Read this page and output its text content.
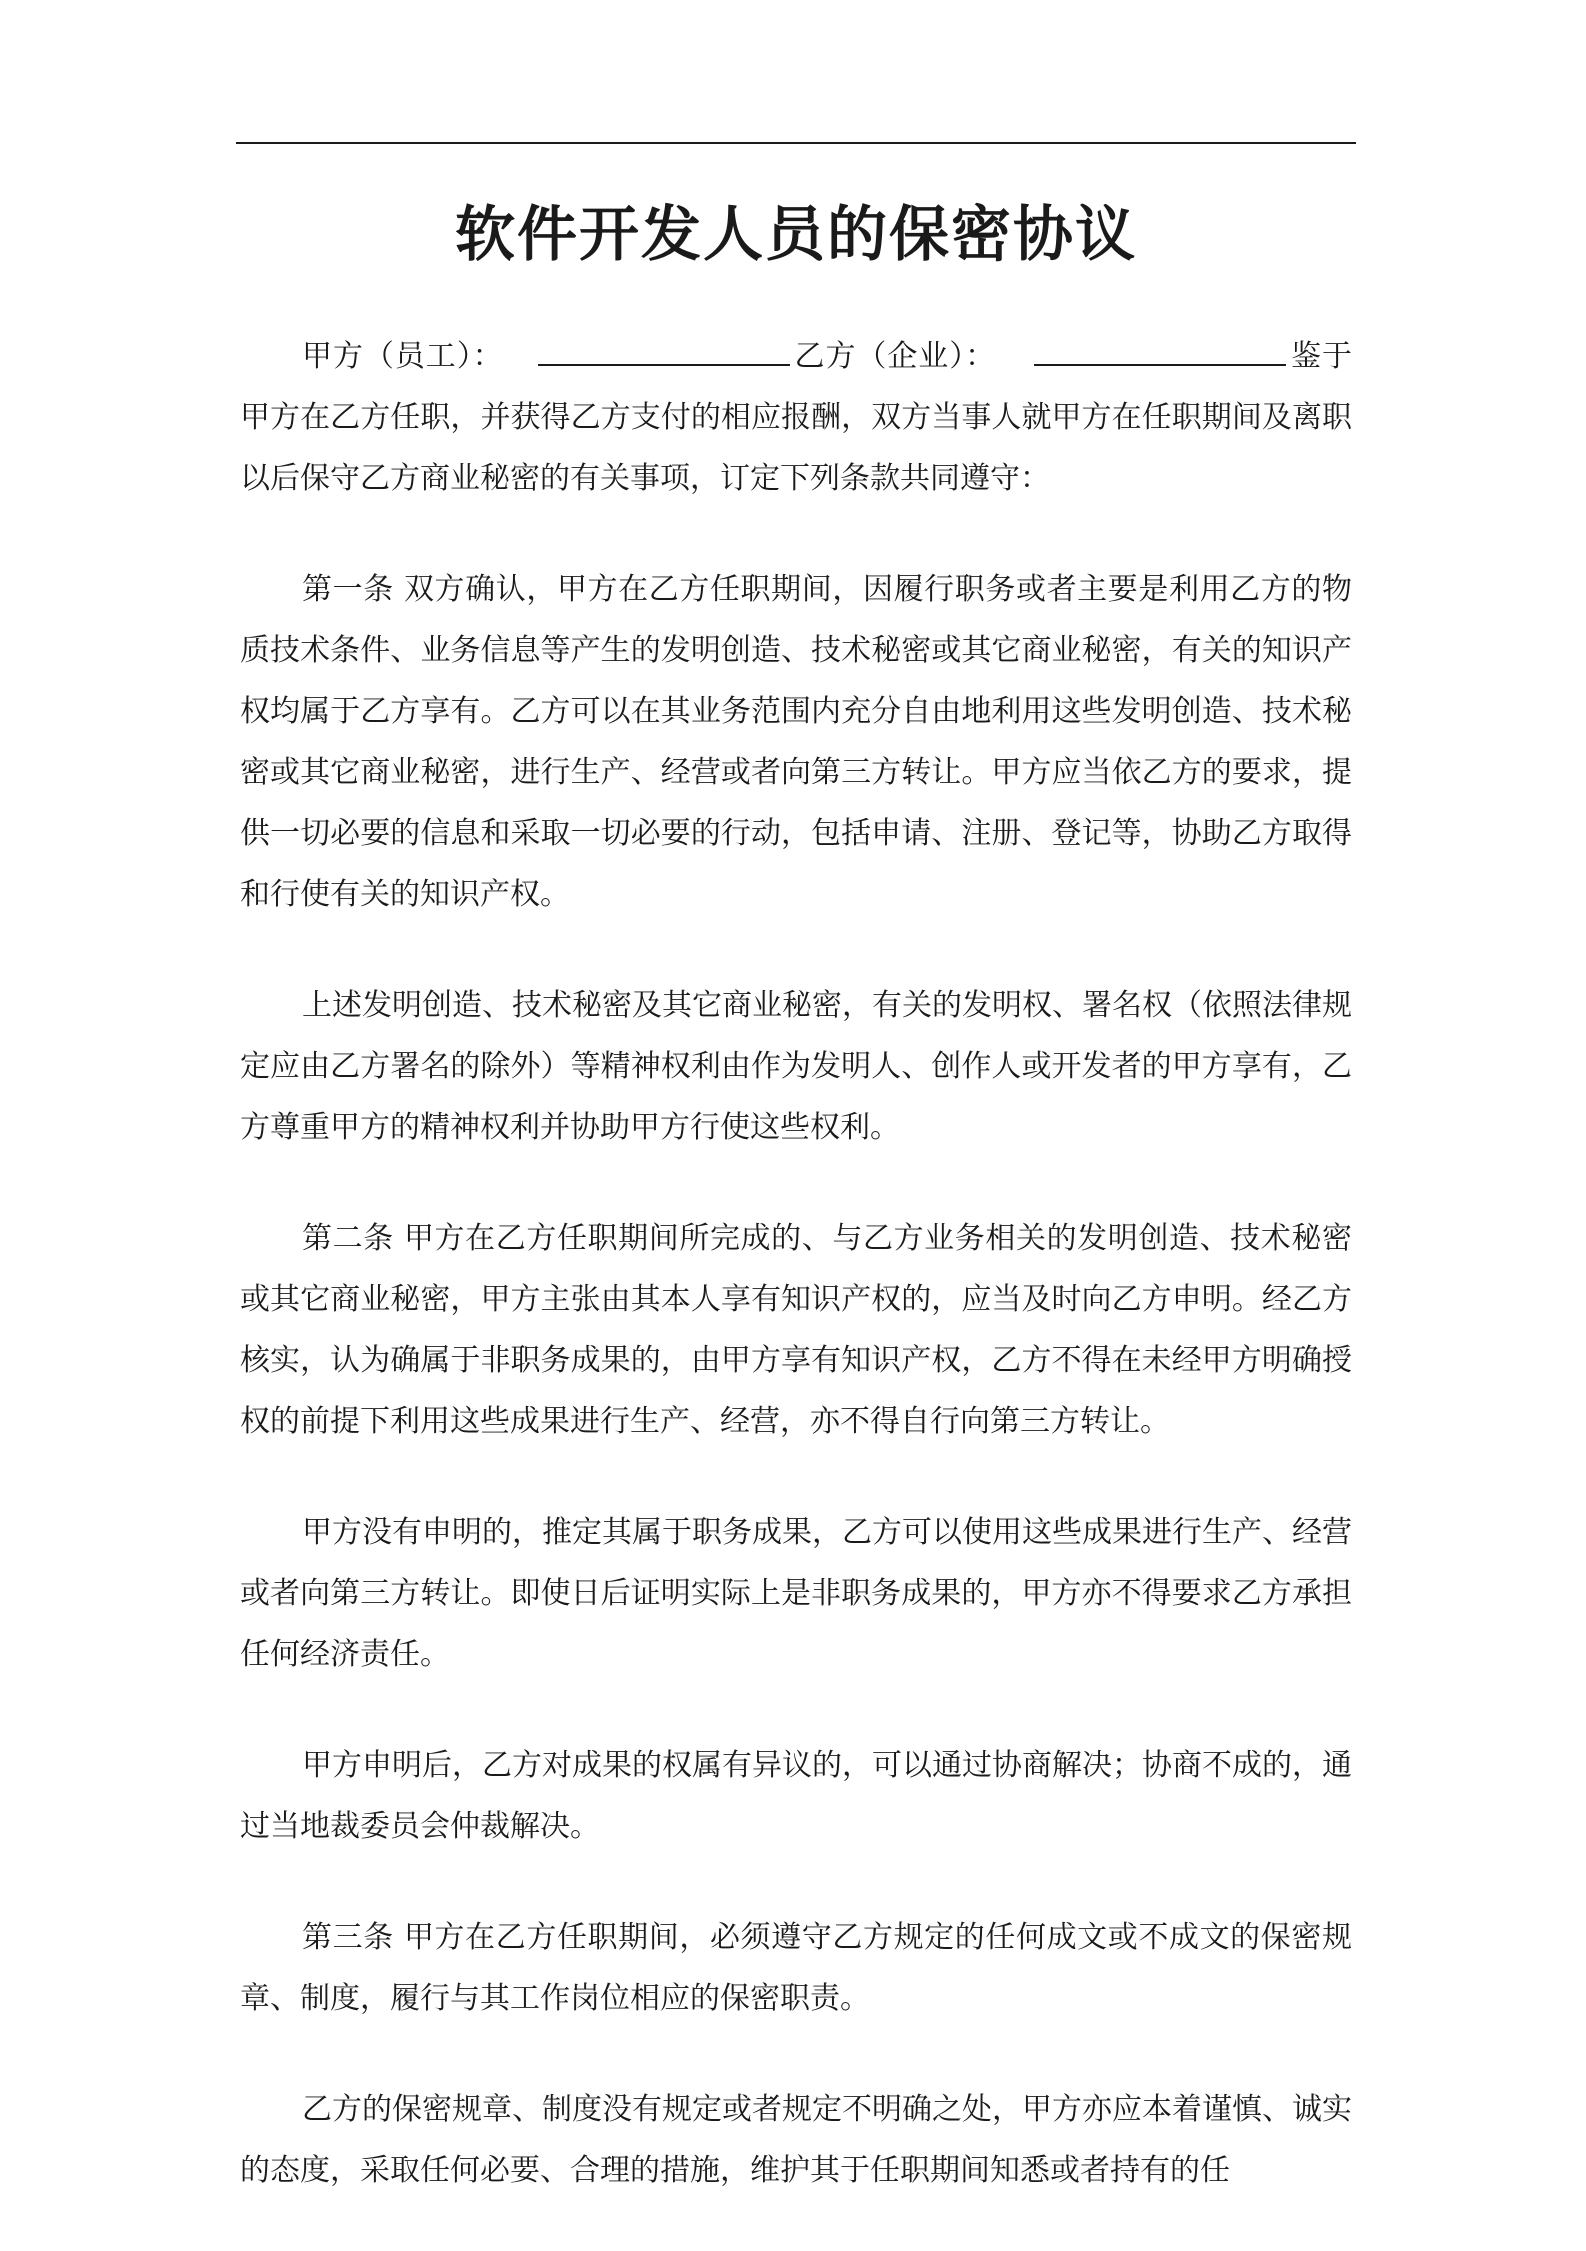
软件开发人员的保密协议

甲方（员工）：	乙方（企业）：	鉴于甲方在乙方任职，并获得乙方支付的相应报酬，双方当事人就甲方在任职期间及离职以后保守乙方商业秘密的有关事项，订定下列条款共同遵守：

第一条 双方确认，甲方在乙方任职期间，因履行职务或者主要是利用乙方的物质技术条件、业务信息等产生的发明创造、技术秘密或其它商业秘密，有关的知识产权均属于乙方享有。乙方可以在其业务范围内充分自由地利用这些发明创造、技术秘密或其它商业秘密，进行生产、经营或者向第三方转让。甲方应当依乙方的要求，提供一切必要的信息和采取一切必要的行动，包括申请、注册、登记等，协助乙方取得和行使有关的知识产权。

上述发明创造、技术秘密及其它商业秘密，有关的发明权、署名权（依照法律规定应由乙方署名的除外）等精神权利由作为发明人、创作人或开发者的甲方享有，乙方尊重甲方的精神权利并协助甲方行使这些权利。

第二条 甲方在乙方任职期间所完成的、与乙方业务相关的发明创造、技术秘密或其它商业秘密，甲方主张由其本人享有知识产权的，应当及时向乙方申明。经乙方核实，认为确属于非职务成果的，由甲方享有知识产权，乙方不得在未经甲方明确授权的前提下利用这些成果进行生产、经营，亦不得自行向第三方转让。

甲方没有申明的，推定其属于职务成果，乙方可以使用这些成果进行生产、经营或者向第三方转让。即使日后证明实际上是非职务成果的，甲方亦不得要求乙方承担任何经济责任。

甲方申明后，乙方对成果的权属有异议的，可以通过协商解决；协商不成的，通过当地裁委员会仲裁解决。

第三条 甲方在乙方任职期间，必须遵守乙方规定的任何成文或不成文的保密规章、制度，履行与其工作岗位相应的保密职责。

乙方的保密规章、制度没有规定或者规定不明确之处，甲方亦应本着谨慎、诚实的态度，采取任何必要、合理的措施，维护其于任职期间知悉或者持有的任
